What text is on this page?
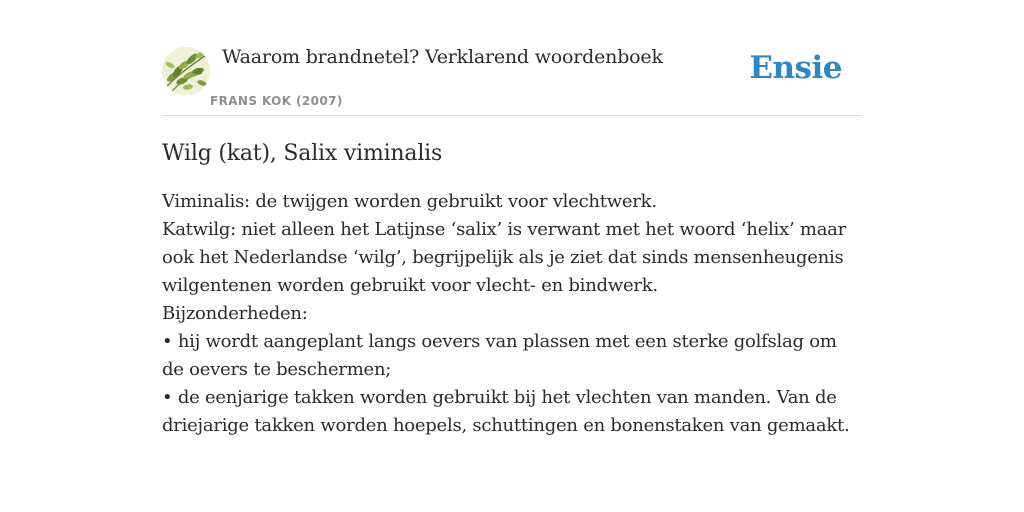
Waarom brandnetel? Verklarend woordenboek
FRANS KOK (2007)
Ensie
Wilg (kat), Salix viminalis

Viminalis: de twijgen worden gebruikt voor vlechtwerk.

Katwilg: niet alleen het Latijnse ‘salix’ is verwant met het woord ‘helix’ maar ook het Nederlandse ‘wilg’, begrijpelijk als je ziet dat sinds mensenheugenis wilgentenen worden gebruikt voor vlecht- en bindwerk.

Bijzonderheden:

• hij wordt aangeplant langs oevers van plassen met een sterke golfslag om de oevers te beschermen;

• de eenjarige takken worden gebruikt bij het vlechten van manden. Van de driejarige takken worden hoepels, schuttingen en bonenstaken van gemaakt.
